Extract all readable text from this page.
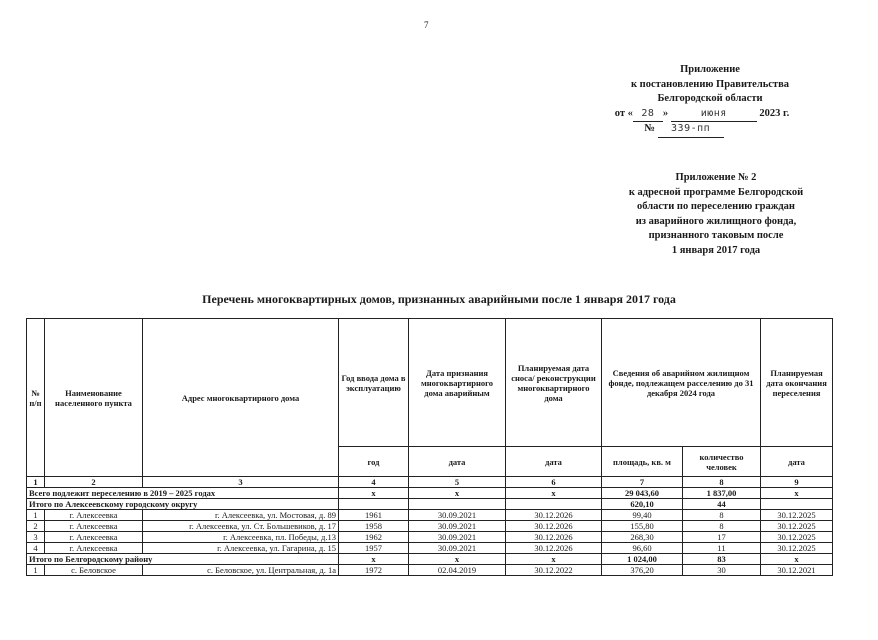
7
Приложение
к постановлению Правительства
Белгородской области
от « 28 »	июня	2023 г.
№ 339-пп
Приложение № 2
к адресной программе Белгородской
области по переселению граждан
из аварийного жилищного фонда,
признанного таковым после
1 января 2017 года
Перечень многоквартирных домов, признанных аварийными после 1 января 2017 года
№ п/п	Наименование населенного пункта	Адрес многоквартирного дома	Год ввода дома в эксплуатацию	Дата признания многоквартирного дома аварийным	Планируемая дата сноса/ реконструкции многоквартирного дома	Сведения об аварийном жилищном фонде, подлежащем расселению до 31 декабря 2024 года		Планируемая дата окончания переселения
			год	дата	дата	площадь, кв. м	количество человек	дата
1	2	3	4	5	6	7	8	9
Всего подлежит переселению в 2019 – 2025 годах			х	х	х	29 043,60	1 837,00	х
Итого по Алексеевскому городскому округу						620,10	44	
1	г. Алексеевка	г. Алексеевка, ул. Мостовая, д. 89	1961	30.09.2021	30.12.2026	99,40	8	30.12.2025
2	г. Алексеевка	г. Алексеевка, ул. Ст. Большевиков, д. 17	1958	30.09.2021	30.12.2026	155,80	8	30.12.2025
3	г. Алексеевка	г. Алексеевка, пл. Победы, д.13	1962	30.09.2021	30.12.2026	268,30	17	30.12.2025
4	г. Алексеевка	г. Алексеевка, ул. Гагарина, д. 15	1957	30.09.2021	30.12.2026	96,60	11	30.12.2025
Итого по Белгородскому району			х	х	х	1 024,00	83	х
1	с. Беловское	с. Беловское, ул. Центральная, д. 1а	1972	02.04.2019	30.12.2022	376,20	30	30.12.2021
